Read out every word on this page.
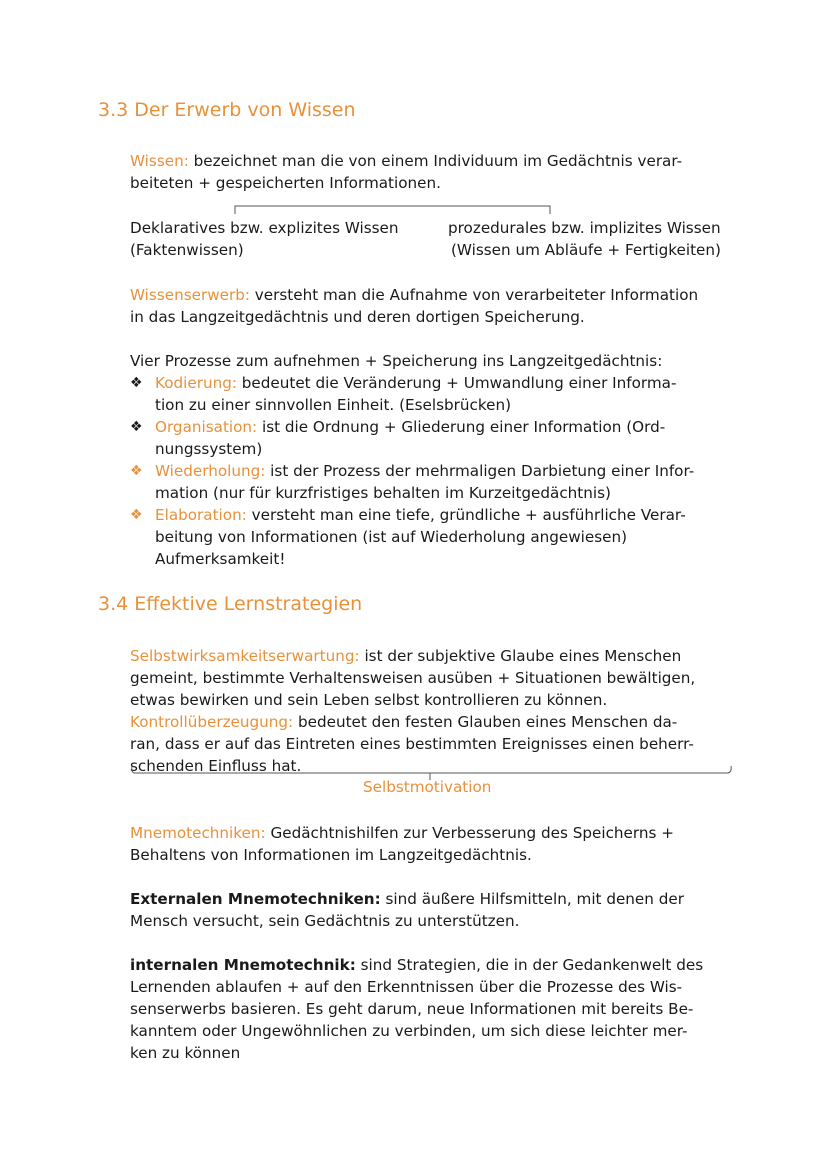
3.3 Der Erwerb von Wissen

Wissen: bezeichnet man die von einem Individuum im Gedächtnis verar-
beiteten + gespeicherten Informationen.

Deklaratives bzw. explizites Wissen
(Faktenwissen)

prozedurales bzw. implizites Wissen
(Wissen um Abläufe + Fertigkeiten)

Wissenserwerb: versteht man die Aufnahme von verarbeiteter Information
in das Langzeitgedächtnis und deren dortigen Speicherung.

Vier Prozesse zum aufnehmen + Speicherung ins Langzeitgedächtnis:

❖ Kodierung: bedeutet die Veränderung + Umwandlung einer Informa-
tion zu einer sinnvollen Einheit. (Eselsbrücken)
❖ Organisation: ist die Ordnung + Gliederung einer Information (Ord-
nungssystem)
❖ Wiederholung: ist der Prozess der mehrmaligen Darbietung einer Infor-
mation (nur für kurzfristiges behalten im Kurzeitgedächtnis)
❖ Elaboration: versteht man eine tiefe, gründliche + ausführliche Verar-
beitung von Informationen (ist auf Wiederholung angewiesen)
Aufmerksamkeit!
3.4 Effektive Lernstrategien

Selbstwirksamkeitserwartung: ist der subjektive Glaube eines Menschen
gemeint, bestimmte Verhaltensweisen ausüben + Situationen bewältigen,
etwas bewirken und sein Leben selbst kontrollieren zu können.
Kontrollüberzeugung: bedeutet den festen Glauben eines Menschen da-
ran, dass er auf das Eintreten eines bestimmten Ereignisses einen beherr-
schenden Einfluss hat.

Selbstmotivation

Mnemotechniken: Gedächtnishilfen zur Verbesserung des Speicherns +
Behaltens von Informationen im Langzeitgedächtnis.

Externalen Mnemotechniken: sind äußere Hilfsmitteln, mit denen der
Mensch versucht, sein Gedächtnis zu unterstützen.

internalen Mnemotechnik: sind Strategien, die in der Gedankenwelt des
Lernenden ablaufen + auf den Erkenntnissen über die Prozesse des Wis-
senserwerbs basieren. Es geht darum, neue Informationen mit bereits Be-
kanntem oder Ungewöhnlichen zu verbinden, um sich diese leichter mer-
ken zu können
